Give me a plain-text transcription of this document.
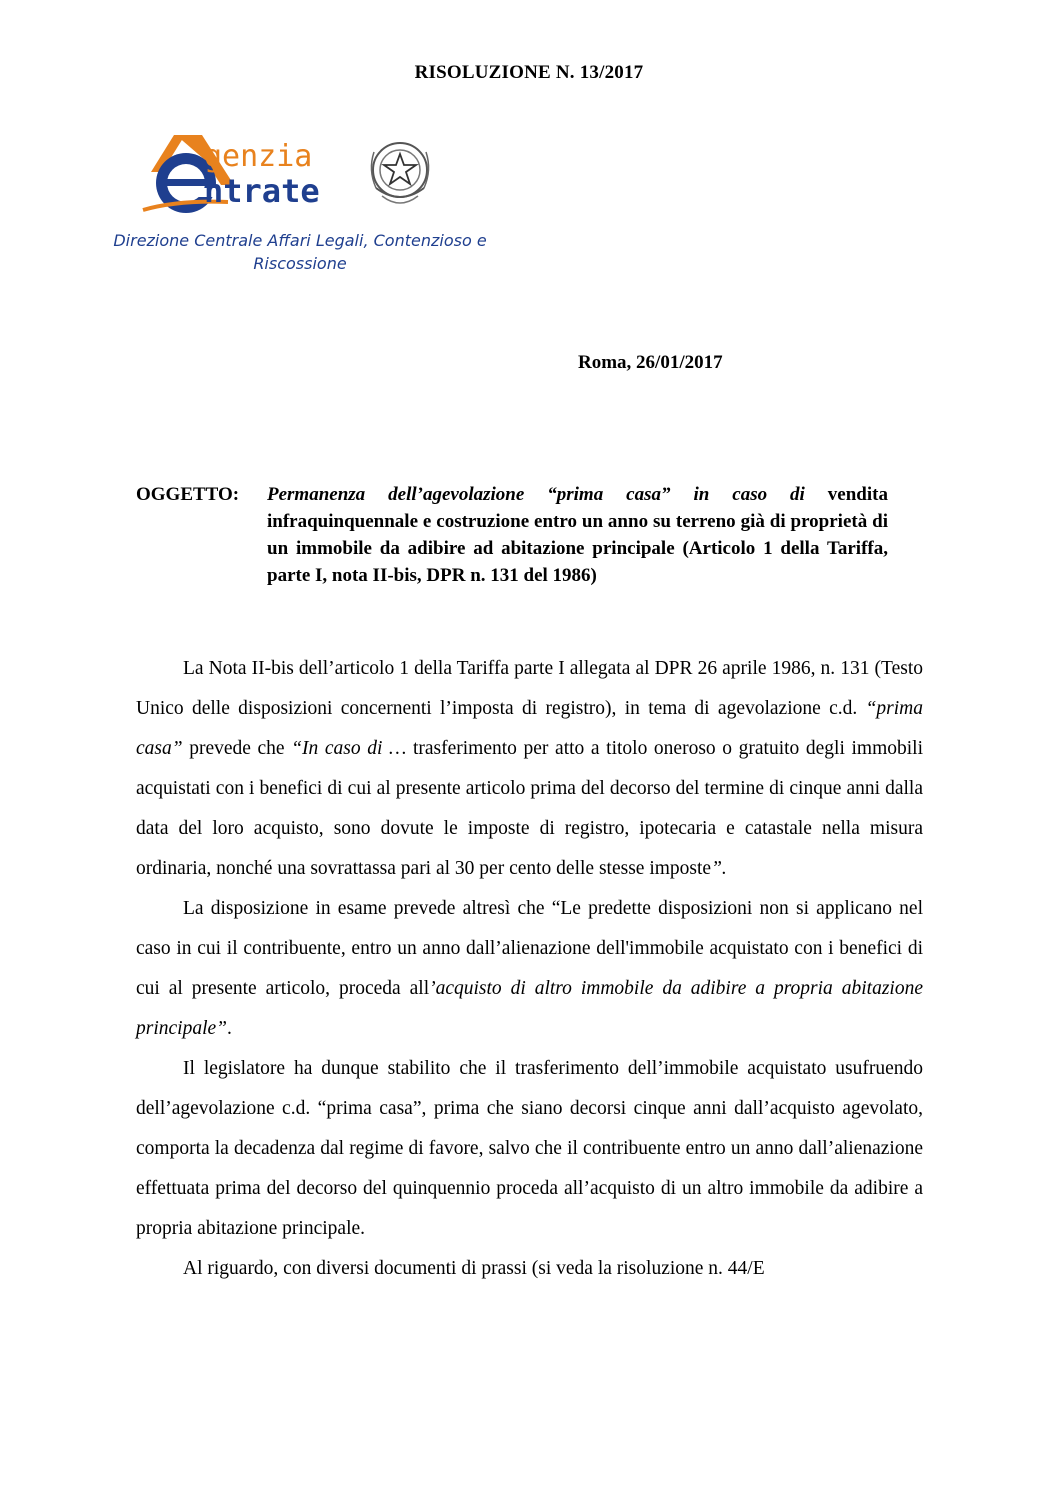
RISOLUZIONE N. 13/2017
genzia
ntrate
Direzione Centrale Affari Legali, Contenzioso e
Riscossione
Roma, 26/01/2017
OGGETTO: Permanenza dell’agevolazione “prima casa” in caso di vendita infraquinquennale e costruzione entro un anno su terreno già di proprietà di un immobile da adibire ad abitazione principale (Articolo 1 della Tariffa, parte I, nota II-bis, DPR n. 131 del 1986)

La Nota II-bis dell’articolo 1 della Tariffa parte I allegata al DPR 26 aprile 1986, n. 131 (Testo Unico delle disposizioni concernenti l’imposta di registro), in tema di agevolazione c.d. “prima casa” prevede che “In caso di … trasferimento per atto a titolo oneroso o gratuito degli immobili acquistati con i benefici di cui al presente articolo prima del decorso del termine di cinque anni dalla data del loro acquisto, sono dovute le imposte di registro, ipotecaria e catastale nella misura ordinaria, nonché una sovrattassa pari al 30 per cento delle stesse imposte”.

La disposizione in esame prevede altresì che “Le predette disposizioni non si applicano nel caso in cui il contribuente, entro un anno dall’alienazione dell'immobile acquistato con i benefici di cui al presente articolo, proceda all’acquisto di altro immobile da adibire a propria abitazione principale”.

Il legislatore ha dunque stabilito che il trasferimento dell’immobile acquistato usufruendo dell’agevolazione c.d. “prima casa”, prima che siano decorsi cinque anni dall’acquisto agevolato, comporta la decadenza dal regime di favore, salvo che il contribuente entro un anno dall’alienazione effettuata prima del decorso del quinquennio proceda all’acquisto di un altro immobile da adibire a propria abitazione principale.

Al riguardo, con diversi documenti di prassi (si veda la risoluzione n. 44/E
